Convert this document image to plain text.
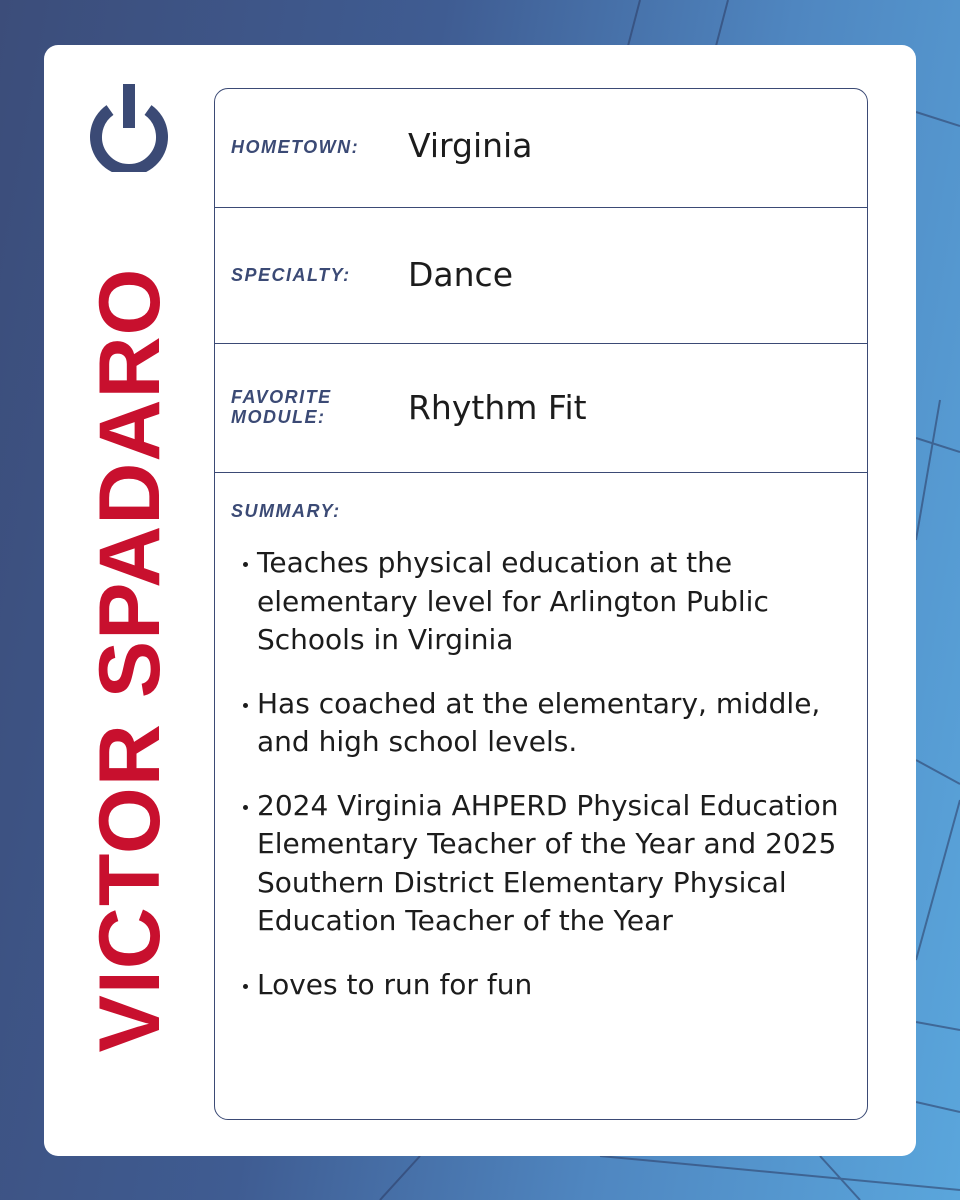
VICTOR SPADARO
HOMETOWN: Virginia
SPECIALTY: Dance
FAVORITE
MODULE:	Rhythm Fit
SUMMARY:
Teaches physical education at the elementary level for Arlington Public Schools in Virginia
Has coached at the elementary, middle, and high school levels.
2024 Virginia AHPERD Physical Education Elementary Teacher of the Year and 2025 Southern District Elementary Physical Education Teacher of the Year
Loves to run for fun
